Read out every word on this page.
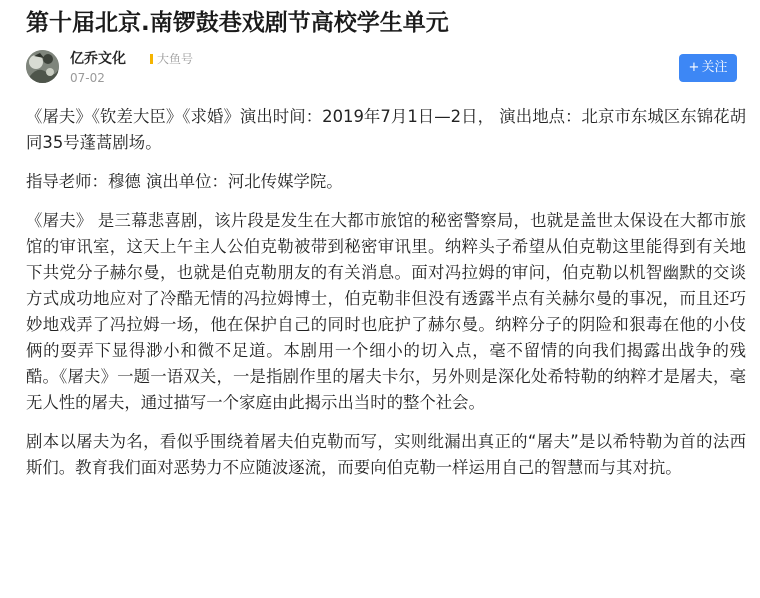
第十届北京.南锣鼓巷戏剧节高校学生单元
亿乔文化	大鱼号
07-02
+ 关注

《屠夫》《钦差大臣》《求婚》演出时间：2019年7月1日—2日， 演出地点：北京市东城区东锦花胡同35号蓬蒿剧场。

指导老师：穆德 演出单位：河北传媒学院。

《屠夫》 是三幕悲喜剧，该片段是发生在大都市旅馆的秘密警察局，也就是盖世太保设在大都市旅馆的审讯室，这天上午主人公伯克勒被带到秘密审讯里。纳粹头子希望从伯克勒这里能得到有关地下共党分子赫尔曼，也就是伯克勒朋友的有关消息。面对冯拉姆的审问，伯克勒以机智幽默的交谈方式成功地应对了冷酷无情的冯拉姆博士，伯克勒非但没有透露半点有关赫尔曼的事况，而且还巧妙地戏弄了冯拉姆一场，他在保护自己的同时也庇护了赫尔曼。纳粹分子的阴险和狠毒在他的小伎俩的耍弄下显得渺小和微不足道。本剧用一个细小的切入点，毫不留情的向我们揭露出战争的残酷。《屠夫》一题一语双关，一是指剧作里的屠夫卡尔，另外则是深化处希特勒的纳粹才是屠夫，毫无人性的屠夫，通过描写一个家庭由此揭示出当时的整个社会。

剧本以屠夫为名，看似乎围绕着屠夫伯克勒而写，实则纰漏出真正的“屠夫”是以希特勒为首的法西斯们。教育我们面对恶势力不应随波逐流，而要向伯克勒一样运用自己的智慧而与其对抗。
